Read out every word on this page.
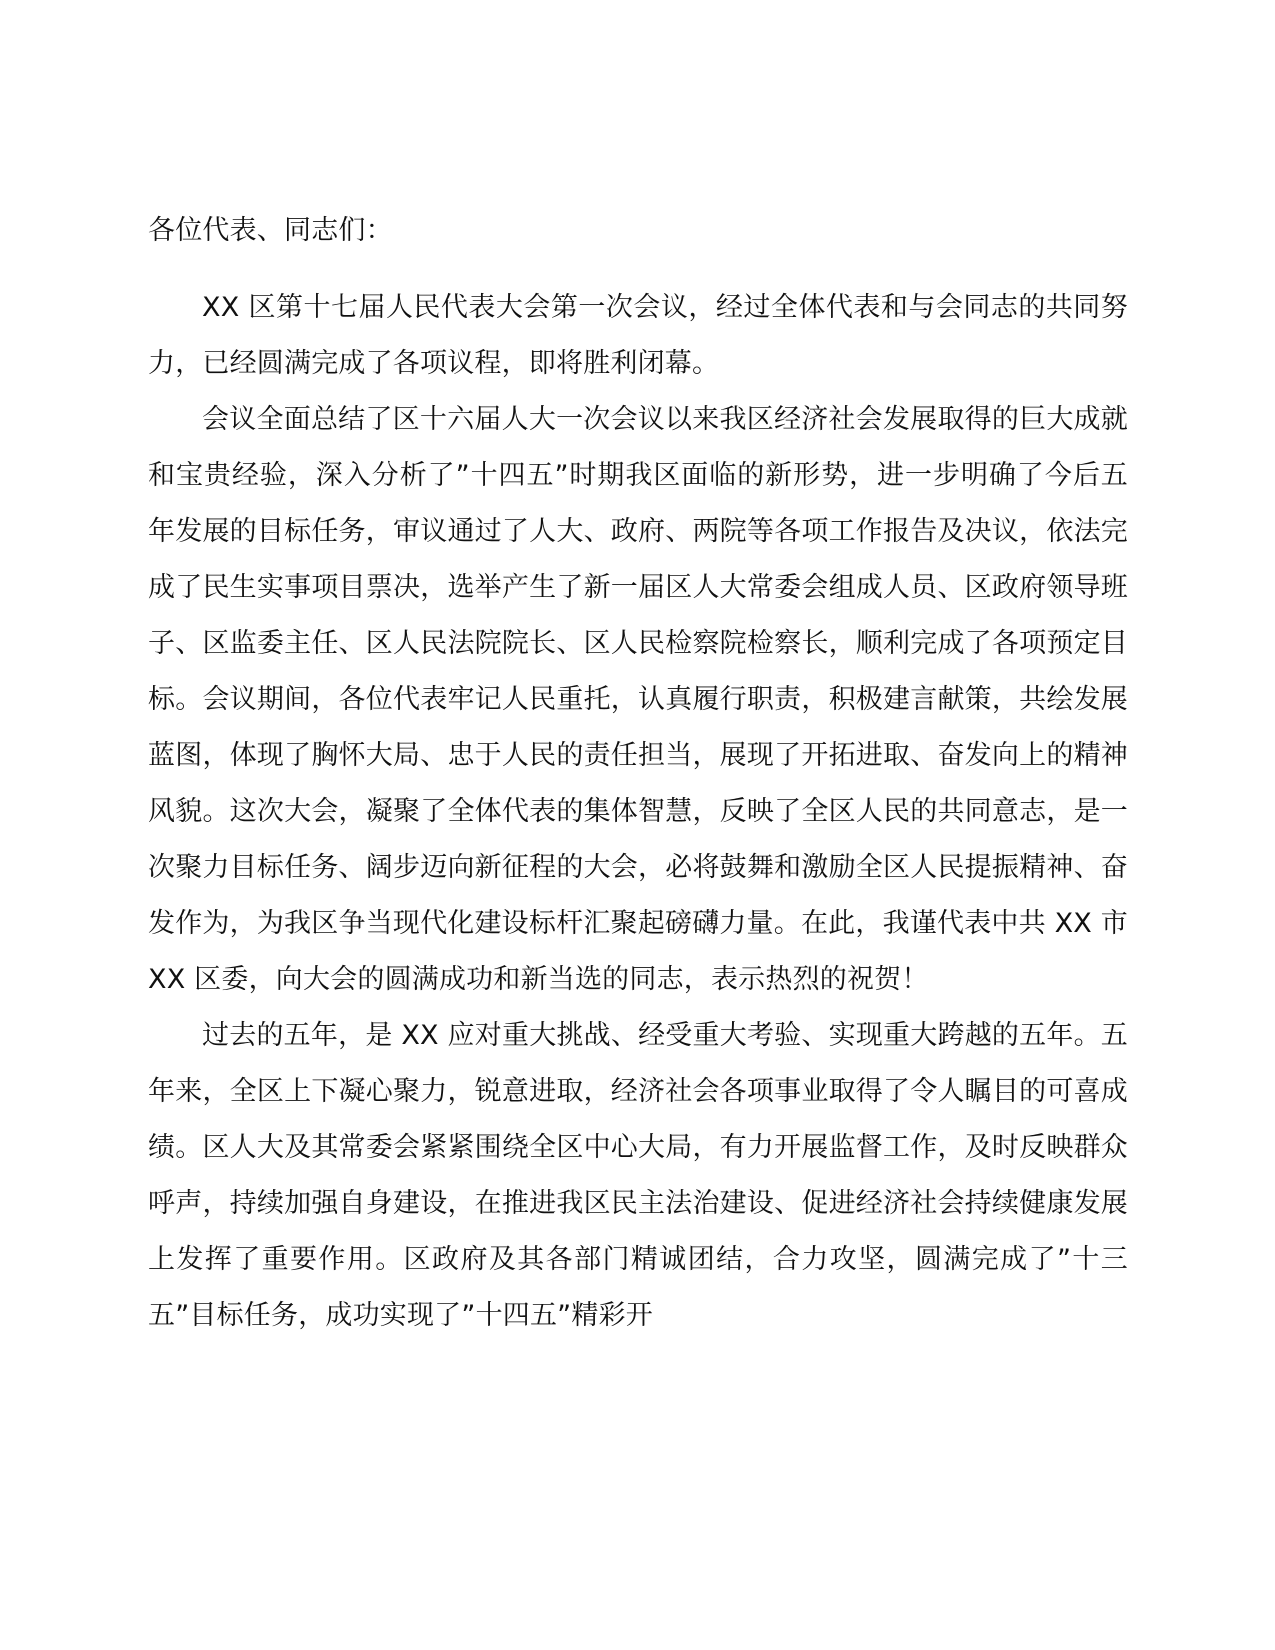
各位代表、同志们：

XX 区第十七届人民代表大会第一次会议，经过全体代表和与会同志的共同努力，已经圆满完成了各项议程，即将胜利闭幕。

会议全面总结了区十六届人大一次会议以来我区经济社会发展取得的巨大成就和宝贵经验，深入分析了”十四五”时期我区面临的新形势，进一步明确了今后五年发展的目标任务，审议通过了人大、政府、两院等各项工作报告及决议，依法完成了民生实事项目票决，选举产生了新一届区人大常委会组成人员、区政府领导班子、区监委主任、区人民法院院长、区人民检察院检察长，顺利完成了各项预定目标。会议期间，各位代表牢记人民重托，认真履行职责，积极建言献策，共绘发展蓝图，体现了胸怀大局、忠于人民的责任担当，展现了开拓进取、奋发向上的精神风貌。这次大会，凝聚了全体代表的集体智慧，反映了全区人民的共同意志，是一次聚力目标任务、阔步迈向新征程的大会，必将鼓舞和激励全区人民提振精神、奋发作为，为我区争当现代化建设标杆汇聚起磅礴力量。在此，我谨代表中共 XX 市 XX 区委，向大会的圆满成功和新当选的同志，表示热烈的祝贺！

过去的五年，是 XX 应对重大挑战、经受重大考验、实现重大跨越的五年。五年来，全区上下凝心聚力，锐意进取，经济社会各项事业取得了令人瞩目的可喜成绩。区人大及其常委会紧紧围绕全区中心大局，有力开展监督工作，及时反映群众呼声，持续加强自身建设，在推进我区民主法治建设、促进经济社会持续健康发展上发挥了重要作用。区政府及其各部门精诚团结，合力攻坚，圆满完成了”十三五”目标任务，成功实现了”十四五”精彩开
